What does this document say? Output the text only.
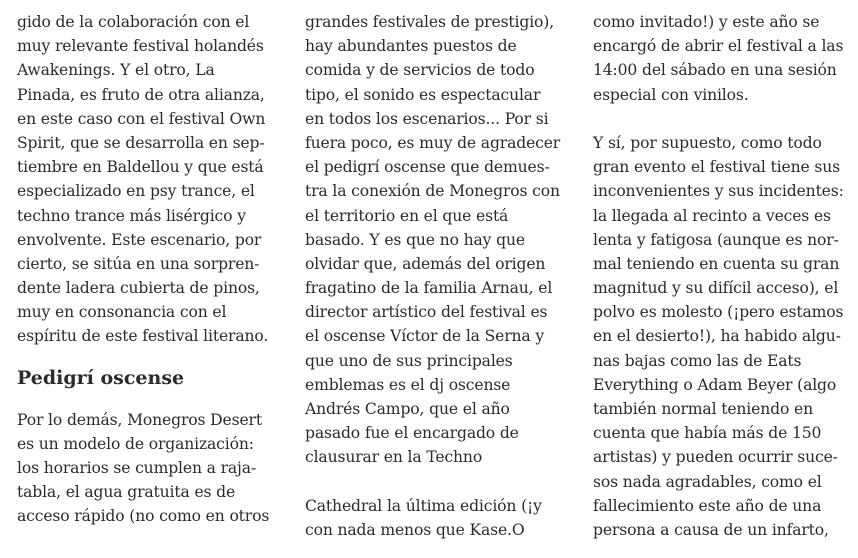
gido de la colaboración con el
muy relevante festival holandés
Awakenings. Y el otro, La
Pinada, es fruto de otra alianza,
en este caso con el festival Own
Spirit, que se desarrolla en sep-
tiembre en Baldellou y que está
especializado en psy trance, el
techno trance más lisérgico y
envolvente. Este escenario, por
cierto, se sitúa en una sorpren-
dente ladera cubierta de pinos,
muy en consonancia con el
espíritu de este festival literano.
Pedigrí oscense
Por lo demás, Monegros Desert
es un modelo de organización:
los horarios se cumplen a raja-
tabla, el agua gratuita es de
acceso rápido (no como en otros
grandes festivales de prestigio),
hay abundantes puestos de
comida y de servicios de todo
tipo, el sonido es espectacular
en todos los escenarios... Por si
fuera poco, es muy de agradecer
el pedigrí oscense que demues-
tra la conexión de Monegros con
el territorio en el que está
basado. Y es que no hay que
olvidar que, además del origen
fragatino de la familia Arnau, el
director artístico del festival es
el oscense Víctor de la Serna y
que uno de sus principales
emblemas es el dj oscense
Andrés Campo, que el año
pasado fue el encargado de
clausurar en la Techno
Cathedral la última edición (¡y
con nada menos que Kase.O
como invitado!) y este año se
encargó de abrir el festival a las
14:00 del sábado en una sesión
especial con vinilos.
Y sí, por supuesto, como todo
gran evento el festival tiene sus
inconvenientes y sus incidentes:
la llegada al recinto a veces es
lenta y fatigosa (aunque es nor-
mal teniendo en cuenta su gran
magnitud y su difícil acceso), el
polvo es molesto (¡pero estamos
en el desierto!), ha habido algu-
nas bajas como las de Eats
Everything o Adam Beyer (algo
también normal teniendo en
cuenta que había más de 150
artistas) y pueden ocurrir suce-
sos nada agradables, como el
fallecimiento este año de una
persona a causa de un infarto,
